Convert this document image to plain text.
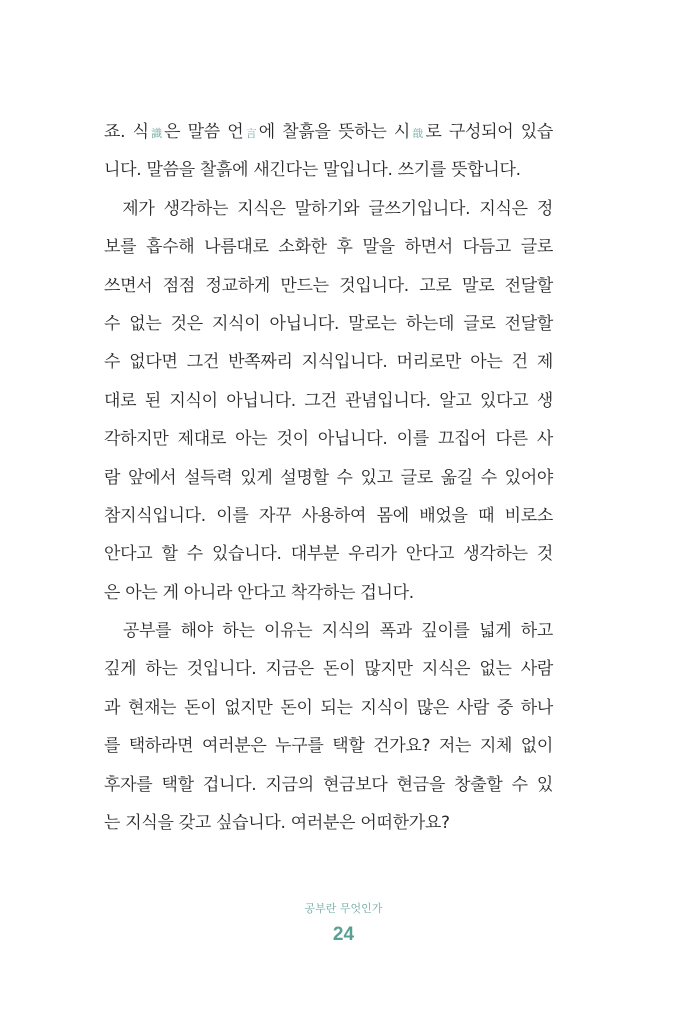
죠. 식識은 말씀 언言에 찰흙을 뜻하는 시戠로 구성되어 있습
니다. 말씀을 찰흙에 새긴다는 말입니다. 쓰기를 뜻합니다.
제가 생각하는 지식은 말하기와 글쓰기입니다. 지식은 정
보를 흡수해 나름대로 소화한 후 말을 하면서 다듬고 글로
쓰면서 점점 정교하게 만드는 것입니다. 고로 말로 전달할
수 없는 것은 지식이 아닙니다. 말로는 하는데 글로 전달할
수 없다면 그건 반쪽짜리 지식입니다. 머리로만 아는 건 제
대로 된 지식이 아닙니다. 그건 관념입니다. 알고 있다고 생
각하지만 제대로 아는 것이 아닙니다. 이를 끄집어 다른 사
람 앞에서 설득력 있게 설명할 수 있고 글로 옮길 수 있어야
참지식입니다. 이를 자꾸 사용하여 몸에 배었을 때 비로소
안다고 할 수 있습니다. 대부분 우리가 안다고 생각하는 것
은 아는 게 아니라 안다고 착각하는 겁니다.
공부를 해야 하는 이유는 지식의 폭과 깊이를 넓게 하고
깊게 하는 것입니다. 지금은 돈이 많지만 지식은 없는 사람
과 현재는 돈이 없지만 돈이 되는 지식이 많은 사람 중 하나
를 택하라면 여러분은 누구를 택할 건가요? 저는 지체 없이
후자를 택할 겁니다. 지금의 현금보다 현금을 창출할 수 있
는 지식을 갖고 싶습니다. 여러분은 어떠한가요?
공부란 무엇인가
24
